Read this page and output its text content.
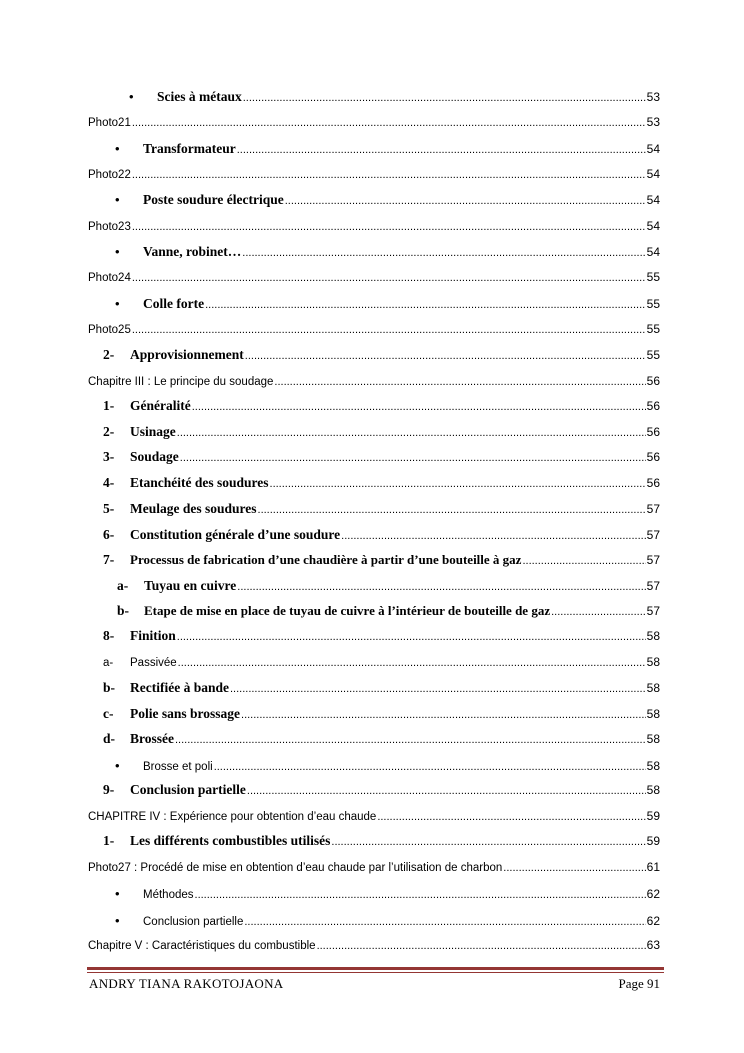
•	Scies à métaux .....	53
Photo21 .....	53
•	Transformateur .....	54
Photo22 .....	54
•	Poste soudure électrique .....	54
Photo23 .....	54
•	Vanne, robinet… .....	54
Photo24 .....	55
•	Colle forte .....	55
Photo25 .....	55
2-	Approvisionnement .....	55
Chapitre III : Le principe du soudage .....	56
1-	Généralité .....	56
2-	Usinage .....	56
3-	Soudage .....	56
4-	Etanchéité des soudures .....	56
5-	Meulage des soudures .....	57
6-	Constitution générale d’une soudure .....	57
7-	Processus de fabrication d’une chaudière à partir d’une bouteille à gaz .....	57
a-	Tuyau en cuivre .....	57
b-	Etape de mise en place de tuyau de cuivre à l’intérieur de bouteille de gaz .....	57
8-	Finition .....	58
a-	Passivée .....	58
b-	Rectifiée à bande .....	58
c-	Polie sans brossage .....	58
d-	Brossée .....	58
•	Brosse et poli .....	58
9-	Conclusion partielle .....	58
CHAPITRE IV : Expérience pour obtention d’eau chaude .....	59
1-	Les différents combustibles utilisés .....	59
Photo27 : Procédé de mise en obtention d’eau chaude par l’utilisation de charbon .....	61
•	Méthodes .....	62
•	Conclusion partielle .....	62
Chapitre V : Caractéristiques du combustible .....	63
ANDRY TIANA RAKOTOJAONA	Page 91
